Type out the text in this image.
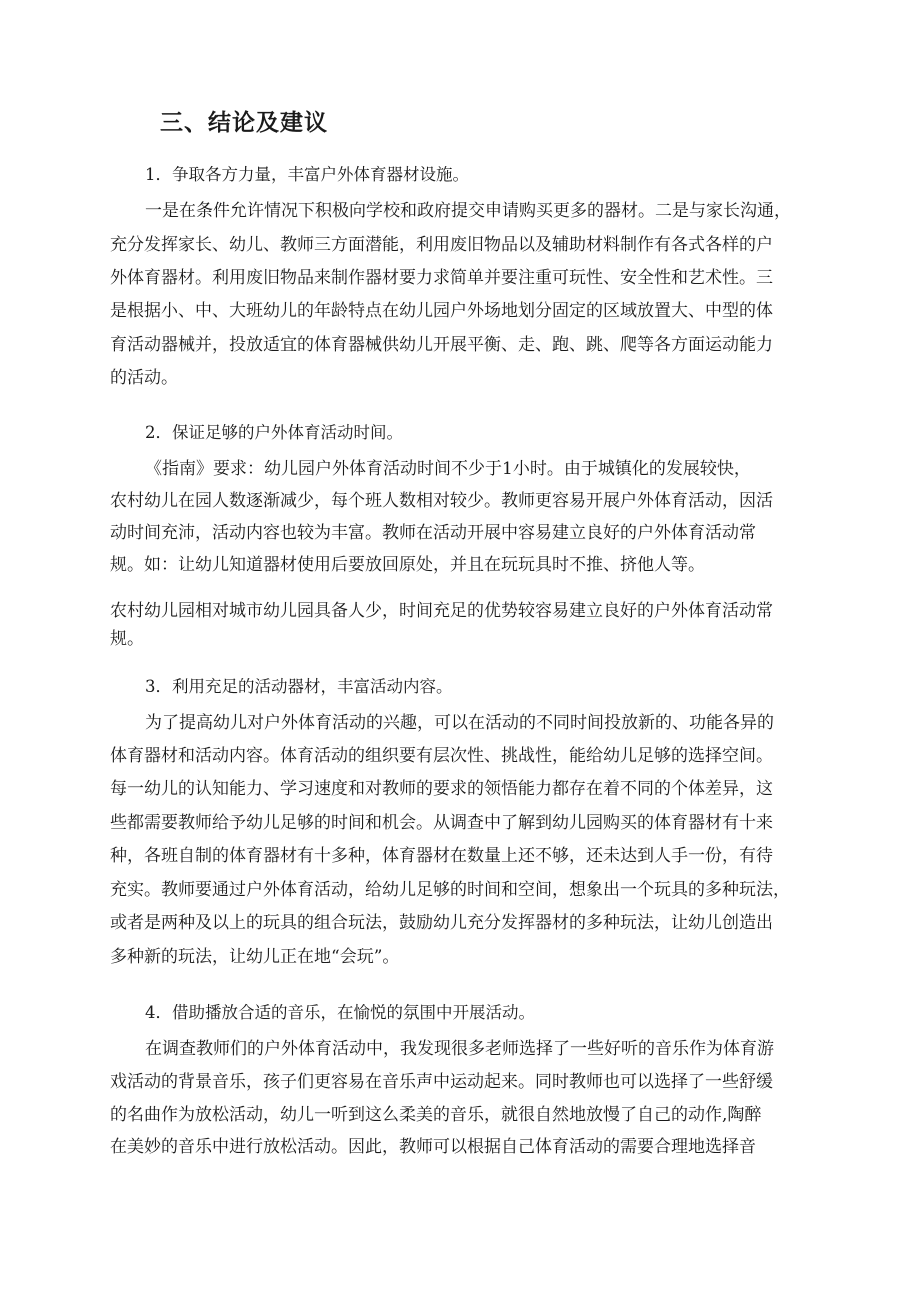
三、结论及建议
1．争取各方力量，丰富户外体育器材设施。
一是在条件允许情况下积极向学校和政府提交申请购买更多的器材。二是与家长沟通，
充分发挥家长、幼儿、教师三方面潜能，利用废旧物品以及辅助材料制作有各式各样的户
外体育器材。利用废旧物品来制作器材要力求简单并要注重可玩性、安全性和艺术性。三
是根据小、中、大班幼儿的年龄特点在幼儿园户外场地划分固定的区域放置大、中型的体
育活动器械并，投放适宜的体育器械供幼儿开展平衡、走、跑、跳、爬等各方面运动能力
的活动。
2．保证足够的户外体育活动时间。
《指南》要求：幼儿园户外体育活动时间不少于1小时。由于城镇化的发展较快，
农村幼儿在园人数逐渐减少，每个班人数相对较少。教师更容易开展户外体育活动，因活
动时间充沛，活动内容也较为丰富。教师在活动开展中容易建立良好的户外体育活动常
规。如：让幼儿知道器材使用后要放回原处，并且在玩玩具时不推、挤他人等。
农村幼儿园相对城市幼儿园具备人少，时间充足的优势较容易建立良好的户外体育活动常
规。
3．利用充足的活动器材，丰富活动内容。
为了提高幼儿对户外体育活动的兴趣，可以在活动的不同时间投放新的、功能各异的
体育器材和活动内容。体育活动的组织要有层次性、挑战性，能给幼儿足够的选择空间。
每一幼儿的认知能力、学习速度和对教师的要求的领悟能力都存在着不同的个体差异，这
些都需要教师给予幼儿足够的时间和机会。从调查中了解到幼儿园购买的体育器材有十来
种，各班自制的体育器材有十多种，体育器材在数量上还不够，还未达到人手一份，有待
充实。教师要通过户外体育活动，给幼儿足够的时间和空间，想象出一个玩具的多种玩法，
或者是两种及以上的玩具的组合玩法，鼓励幼儿充分发挥器材的多种玩法，让幼儿创造出
多种新的玩法，让幼儿正在地“会玩”。
4．借助播放合适的音乐，在愉悦的氛围中开展活动。
在调查教师们的户外体育活动中，我发现很多老师选择了一些好听的音乐作为体育游
戏活动的背景音乐，孩子们更容易在音乐声中运动起来。同时教师也可以选择了一些舒缓
的名曲作为放松活动，幼儿一听到这么柔美的音乐，就很自然地放慢了自己的动作,陶醉
在美妙的音乐中进行放松活动。因此，教师可以根据自己体育活动的需要合理地选择音
